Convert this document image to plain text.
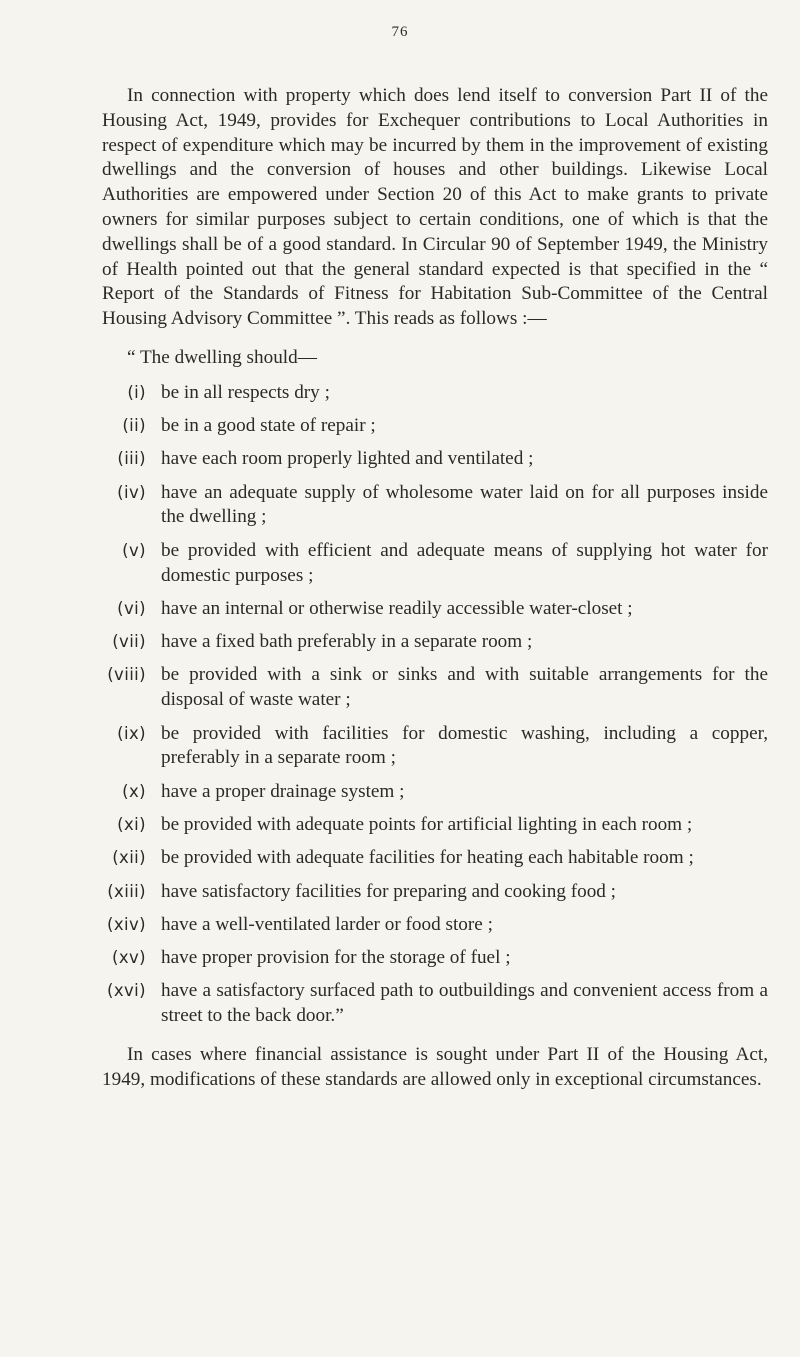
76

In connection with property which does lend itself to conversion Part II of the Housing Act, 1949, provides for Exchequer contributions to Local Authorities in respect of expenditure which may be incurred by them in the improvement of existing dwellings and the conversion of houses and other buildings. Likewise Local Authorities are empowered under Section 20 of this Act to make grants to private owners for similar purposes subject to certain conditions, one of which is that the dwellings shall be of a good standard. In Circular 90 of September 1949, the Ministry of Health pointed out that the general standard expected is that specified in the “ Report of the Standards of Fitness for Habitation Sub-Committee of the Central Housing Advisory Committee ”. This reads as follows :—

“ The dwelling should—

(i) be in all respects dry ;
(ii) be in a good state of repair ;
(iii) have each room properly lighted and ventilated ;
(iv) have an adequate supply of wholesome water laid on for all purposes inside the dwelling ;
(v) be provided with efficient and adequate means of supplying hot water for domestic purposes ;
(vi) have an internal or otherwise readily accessible water-closet ;
(vii) have a fixed bath preferably in a separate room ;
(viii) be provided with a sink or sinks and with suitable arrangements for the disposal of waste water ;
(ix) be provided with facilities for domestic washing, including a copper, preferably in a separate room ;
(x) have a proper drainage system ;
(xi) be provided with adequate points for artificial lighting in each room ;
(xii) be provided with adequate facilities for heating each habitable room ;
(xiii) have satisfactory facilities for preparing and cooking food ;
(xiv) have a well-ventilated larder or food store ;
(xv) have proper provision for the storage of fuel ;
(xvi) have a satisfactory surfaced path to outbuildings and convenient access from a street to the back door.”

In cases where financial assistance is sought under Part II of the Housing Act, 1949, modifications of these standards are allowed only in exceptional circumstances.
